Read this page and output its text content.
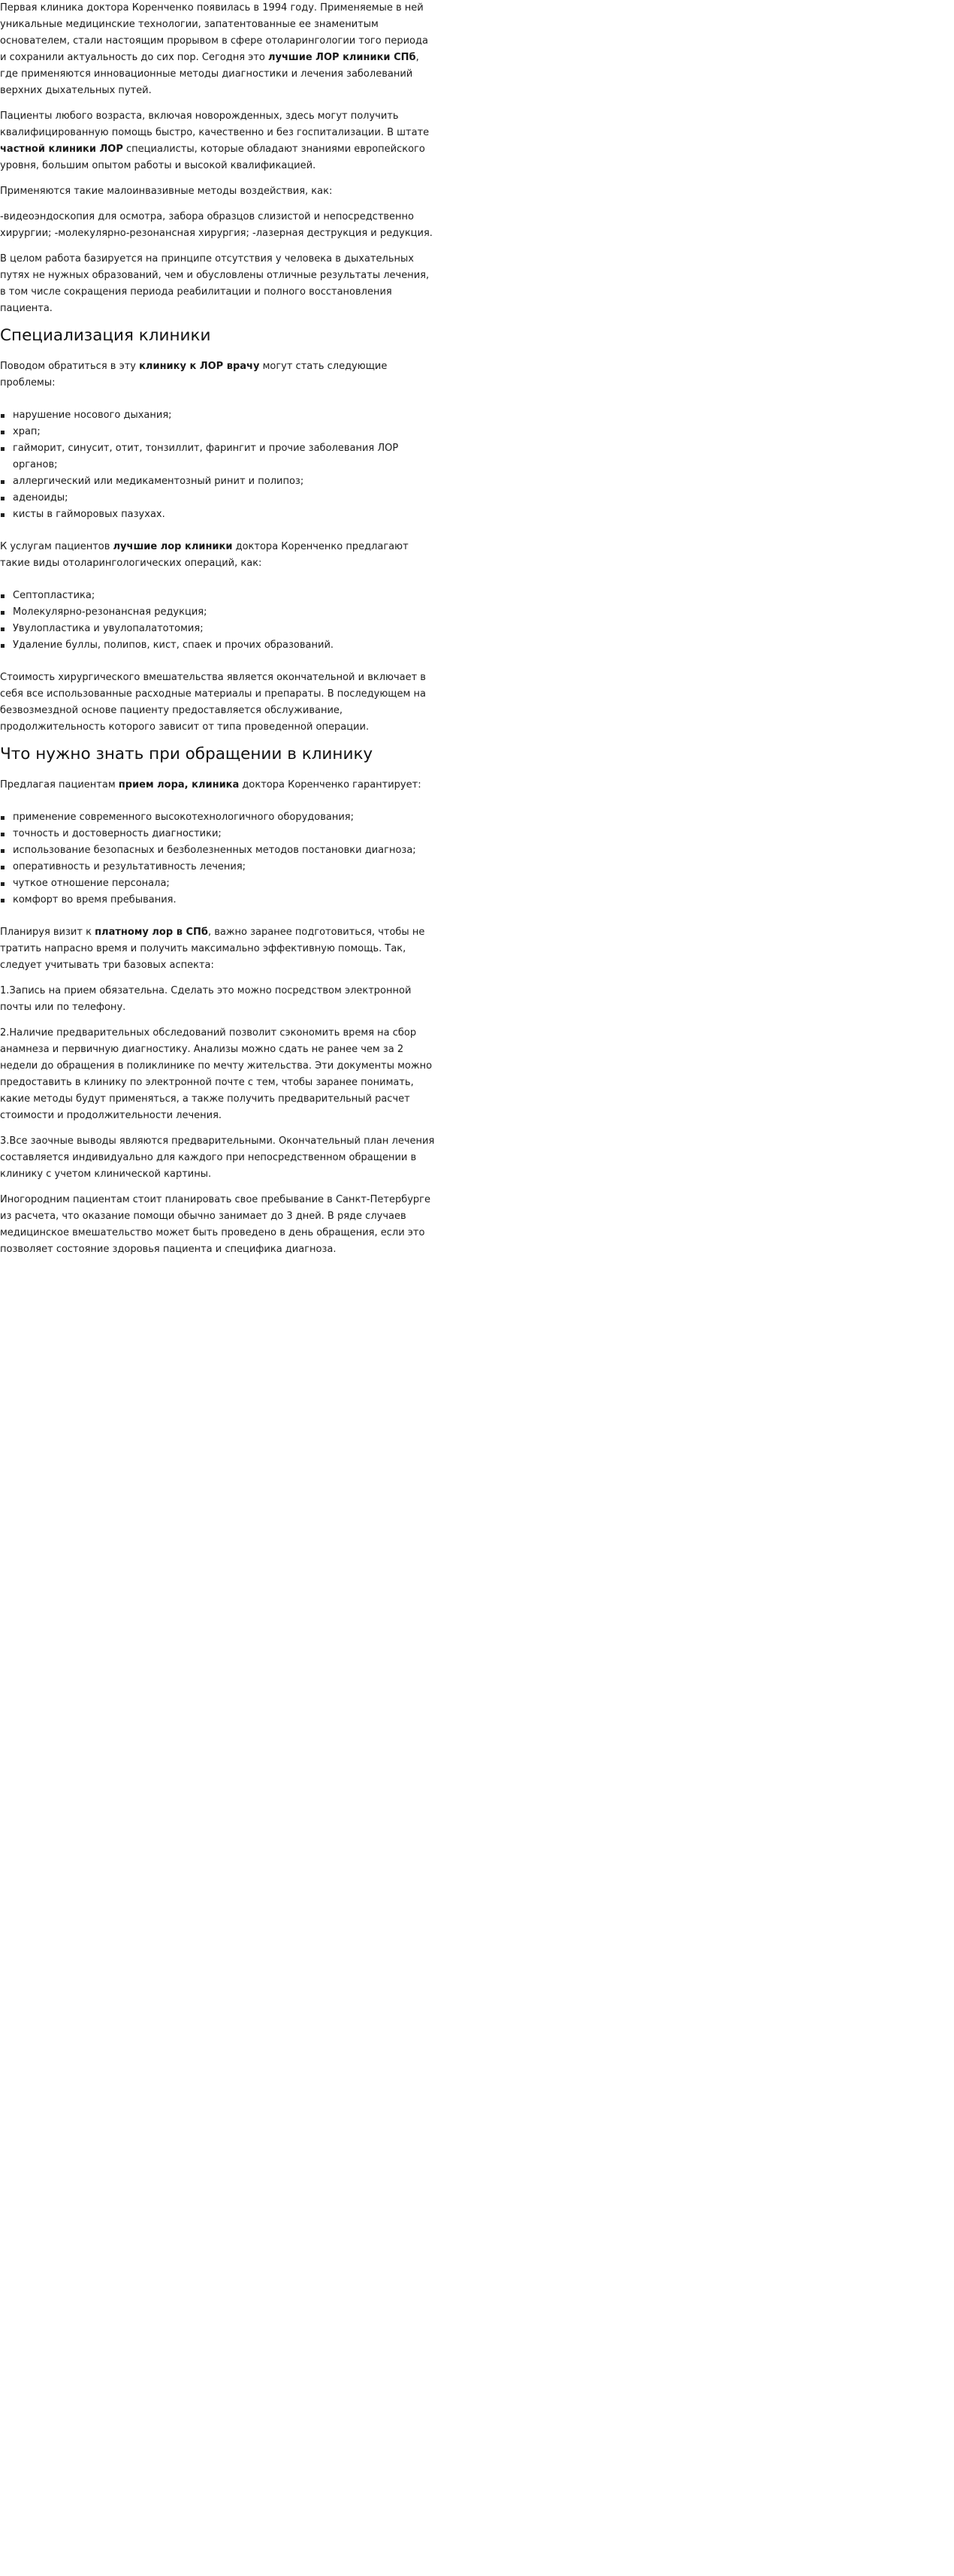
Первая клиника доктора Коренченко появилась в 1994 году. Применяемые в ней уникальные медицинские технологии, запатентованные ее знаменитым основателем, стали настоящим прорывом в сфере отоларингологии того периода и сохранили актуальность до сих пор. Сегодня это лучшие ЛОР клиники СПб, где применяются инновационные методы диагностики и лечения заболеваний верхних дыхательных путей.

Пациенты любого возраста, включая новорожденных, здесь могут получить квалифицированную помощь быстро, качественно и без госпитализации. В штате частной клиники ЛОР специалисты, которые обладают знаниями европейского уровня, большим опытом работы и высокой квалификацией.

Применяются такие малоинвазивные методы воздействия, как:

-видеоэндоскопия для осмотра, забора образцов слизистой и непосредственно хирургии; -молекулярно-резонансная хирургия; -лазерная деструкция и редукция.

В целом работа базируется на принципе отсутствия у человека в дыхательных путях не нужных образований, чем и обусловлены отличные результаты лечения, в том числе сокращения периода реабилитации и полного восстановления пациента.

Специализация клиники

Поводом обратиться в эту клинику к ЛОР врачу могут стать следующие проблемы:

нарушение носового дыхания;
храп;
гайморит, синусит, отит, тонзиллит, фарингит и прочие заболевания ЛОР органов;
аллергический или медикаментозный ринит и полипоз;
аденоиды;
кисты в гайморовых пазухах.

К услугам пациентов лучшие лор клиники доктора Коренченко предлагают такие виды отоларингологических операций, как:

Септопластика;
Молекулярно-резонансная редукция;
Увулопластика и увулопалатотомия;
Удаление буллы, полипов, кист, спаек и прочих образований.

Стоимость хирургического вмешательства является окончательной и включает в себя все использованные расходные материалы и препараты. В последующем на безвозмездной основе пациенту предоставляется обслуживание, продолжительность которого зависит от типа проведенной операции.

Что нужно знать при обращении в клинику

Предлагая пациентам прием лора, клиника доктора Коренченко гарантирует:

применение современного высокотехнологичного оборудования;
точность и достоверность диагностики;
использование безопасных и безболезненных методов постановки диагноза;
оперативность и результативность лечения;
чуткое отношение персонала;
комфорт во время пребывания.

Планируя визит к платному лор в СПб, важно заранее подготовиться, чтобы не тратить напрасно время и получить максимально эффективную помощь. Так, следует учитывать три базовых аспекта:

1.Запись на прием обязательна. Сделать это можно посредством электронной почты или по телефону.

2.Наличие предварительных обследований позволит сэкономить время на сбор анамнеза и первичную диагностику. Анализы можно сдать не ранее чем за 2 недели до обращения в поликлинике по мечту жительства. Эти документы можно предоставить в клинику по электронной почте с тем, чтобы заранее понимать, какие методы будут применяться, а также получить предварительный расчет стоимости и продолжительности лечения.

3.Все заочные выводы являются предварительными. Окончательный план лечения составляется индивидуально для каждого при непосредственном обращении в клинику с учетом клинической картины.

Иногородним пациентам стоит планировать свое пребывание в Санкт-Петербурге из расчета, что оказание помощи обычно занимает до 3 дней. В ряде случаев медицинское вмешательство может быть проведено в день обращения, если это позволяет состояние здоровья пациента и специфика диагноза.
